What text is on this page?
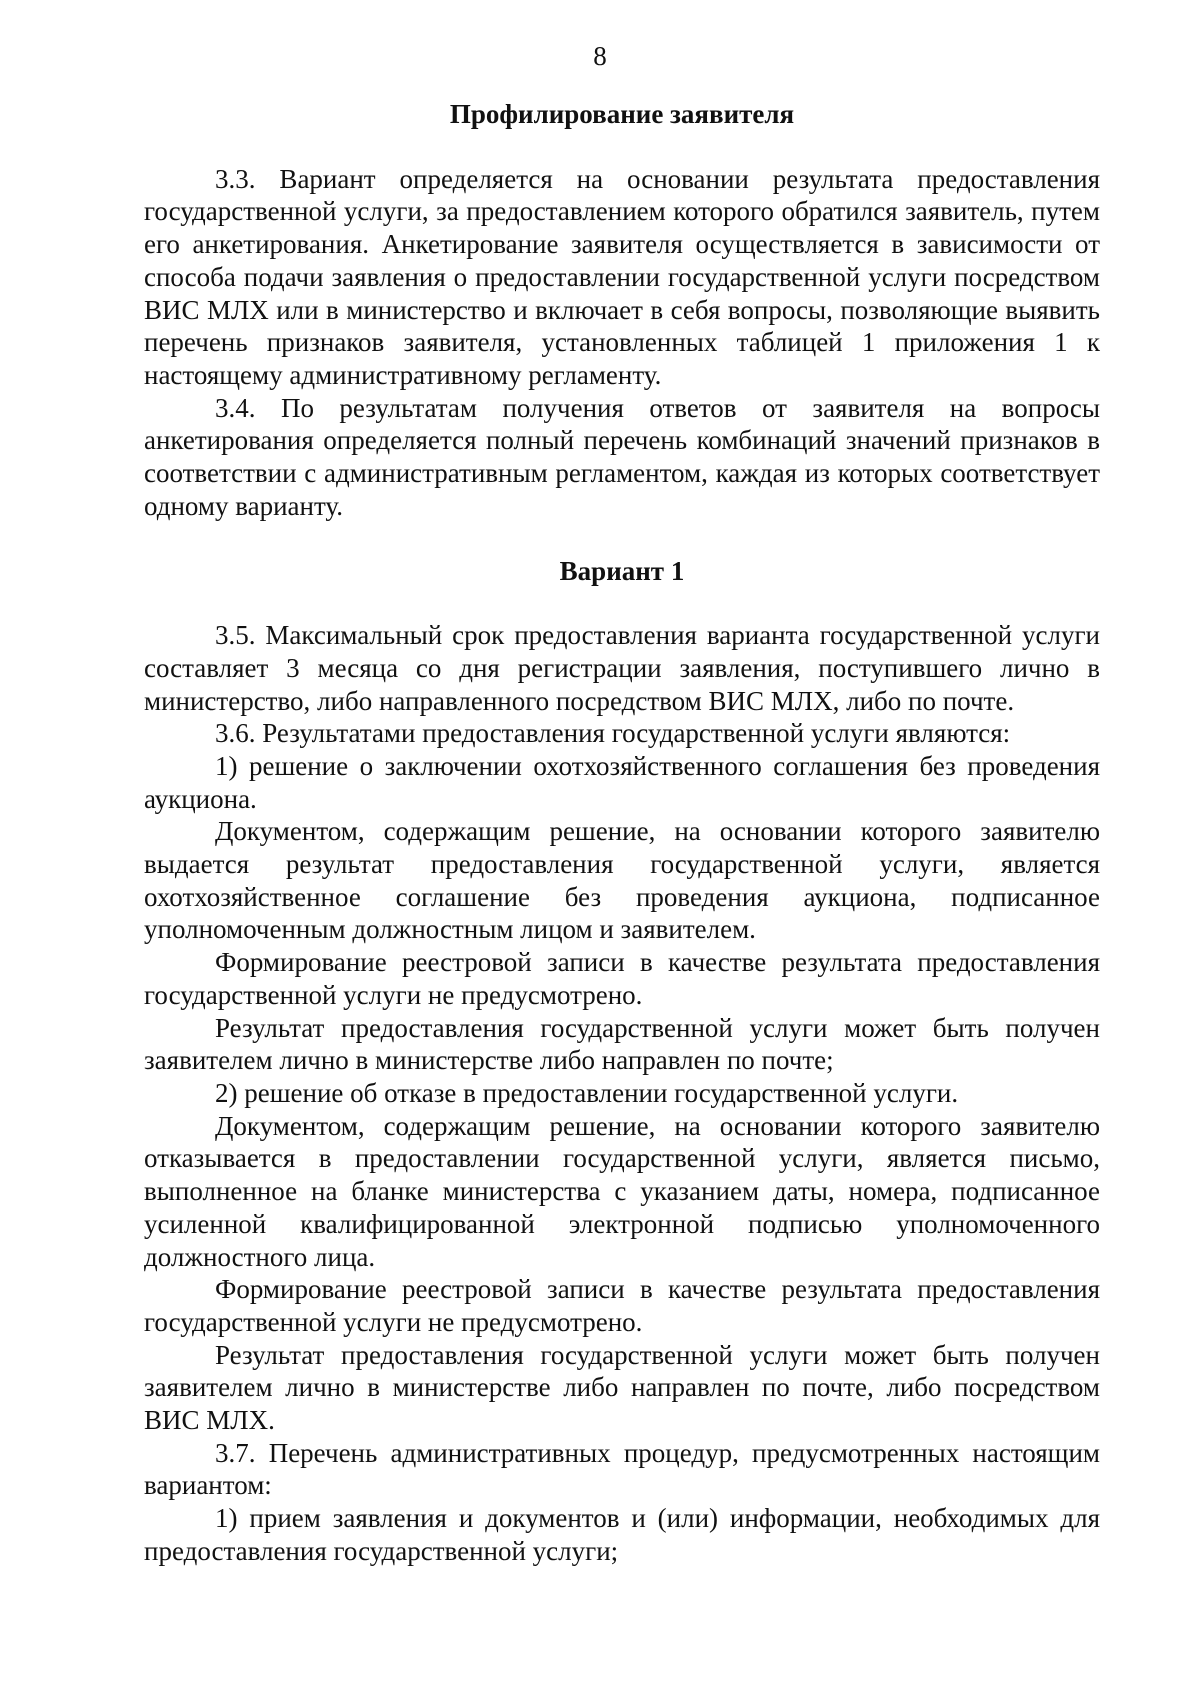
8
Профилирование заявителя

3.3. Вариант определяется на основании результата предоставления государственной услуги, за предоставлением которого обратился заявитель, путем его анкетирования. Анкетирование заявителя осуществляется в зависимости от способа подачи заявления о предоставлении государственной услуги посредством ВИС МЛХ или в министерство и включает в себя вопросы, позволяющие выявить перечень признаков заявителя, установленных таблицей 1 приложения 1 к настоящему административному регламенту.

3.4. По результатам получения ответов от заявителя на вопросы анкетирования определяется полный перечень комбинаций значений признаков в соответствии с административным регламентом, каждая из которых соответствует одному варианту.

Вариант 1

3.5. Максимальный срок предоставления варианта государственной услуги составляет 3 месяца со дня регистрации заявления, поступившего лично в министерство, либо направленного посредством ВИС МЛХ, либо по почте.

3.6. Результатами предоставления государственной услуги являются:

1) решение о заключении охотхозяйственного соглашения без проведения аукциона.

Документом, содержащим решение, на основании которого заявителю выдается результат предоставления государственной услуги, является охотхозяйственное соглашение без проведения аукциона, подписанное уполномоченным должностным лицом и заявителем.

Формирование реестровой записи в качестве результата предоставления государственной услуги не предусмотрено.

Результат предоставления государственной услуги может быть получен заявителем лично в министерстве либо направлен по почте;

2) решение об отказе в предоставлении государственной услуги.

Документом, содержащим решение, на основании которого заявителю отказывается в предоставлении государственной услуги, является письмо, выполненное на бланке министерства с указанием даты, номера, подписанное усиленной квалифицированной электронной подписью уполномоченного должностного лица.

Формирование реестровой записи в качестве результата предоставления государственной услуги не предусмотрено.

Результат предоставления государственной услуги может быть получен заявителем лично в министерстве либо направлен по почте, либо посредством ВИС МЛХ.

3.7. Перечень административных процедур, предусмотренных настоящим вариантом:

1) прием заявления и документов и (или) информации, необходимых для предоставления государственной услуги;
